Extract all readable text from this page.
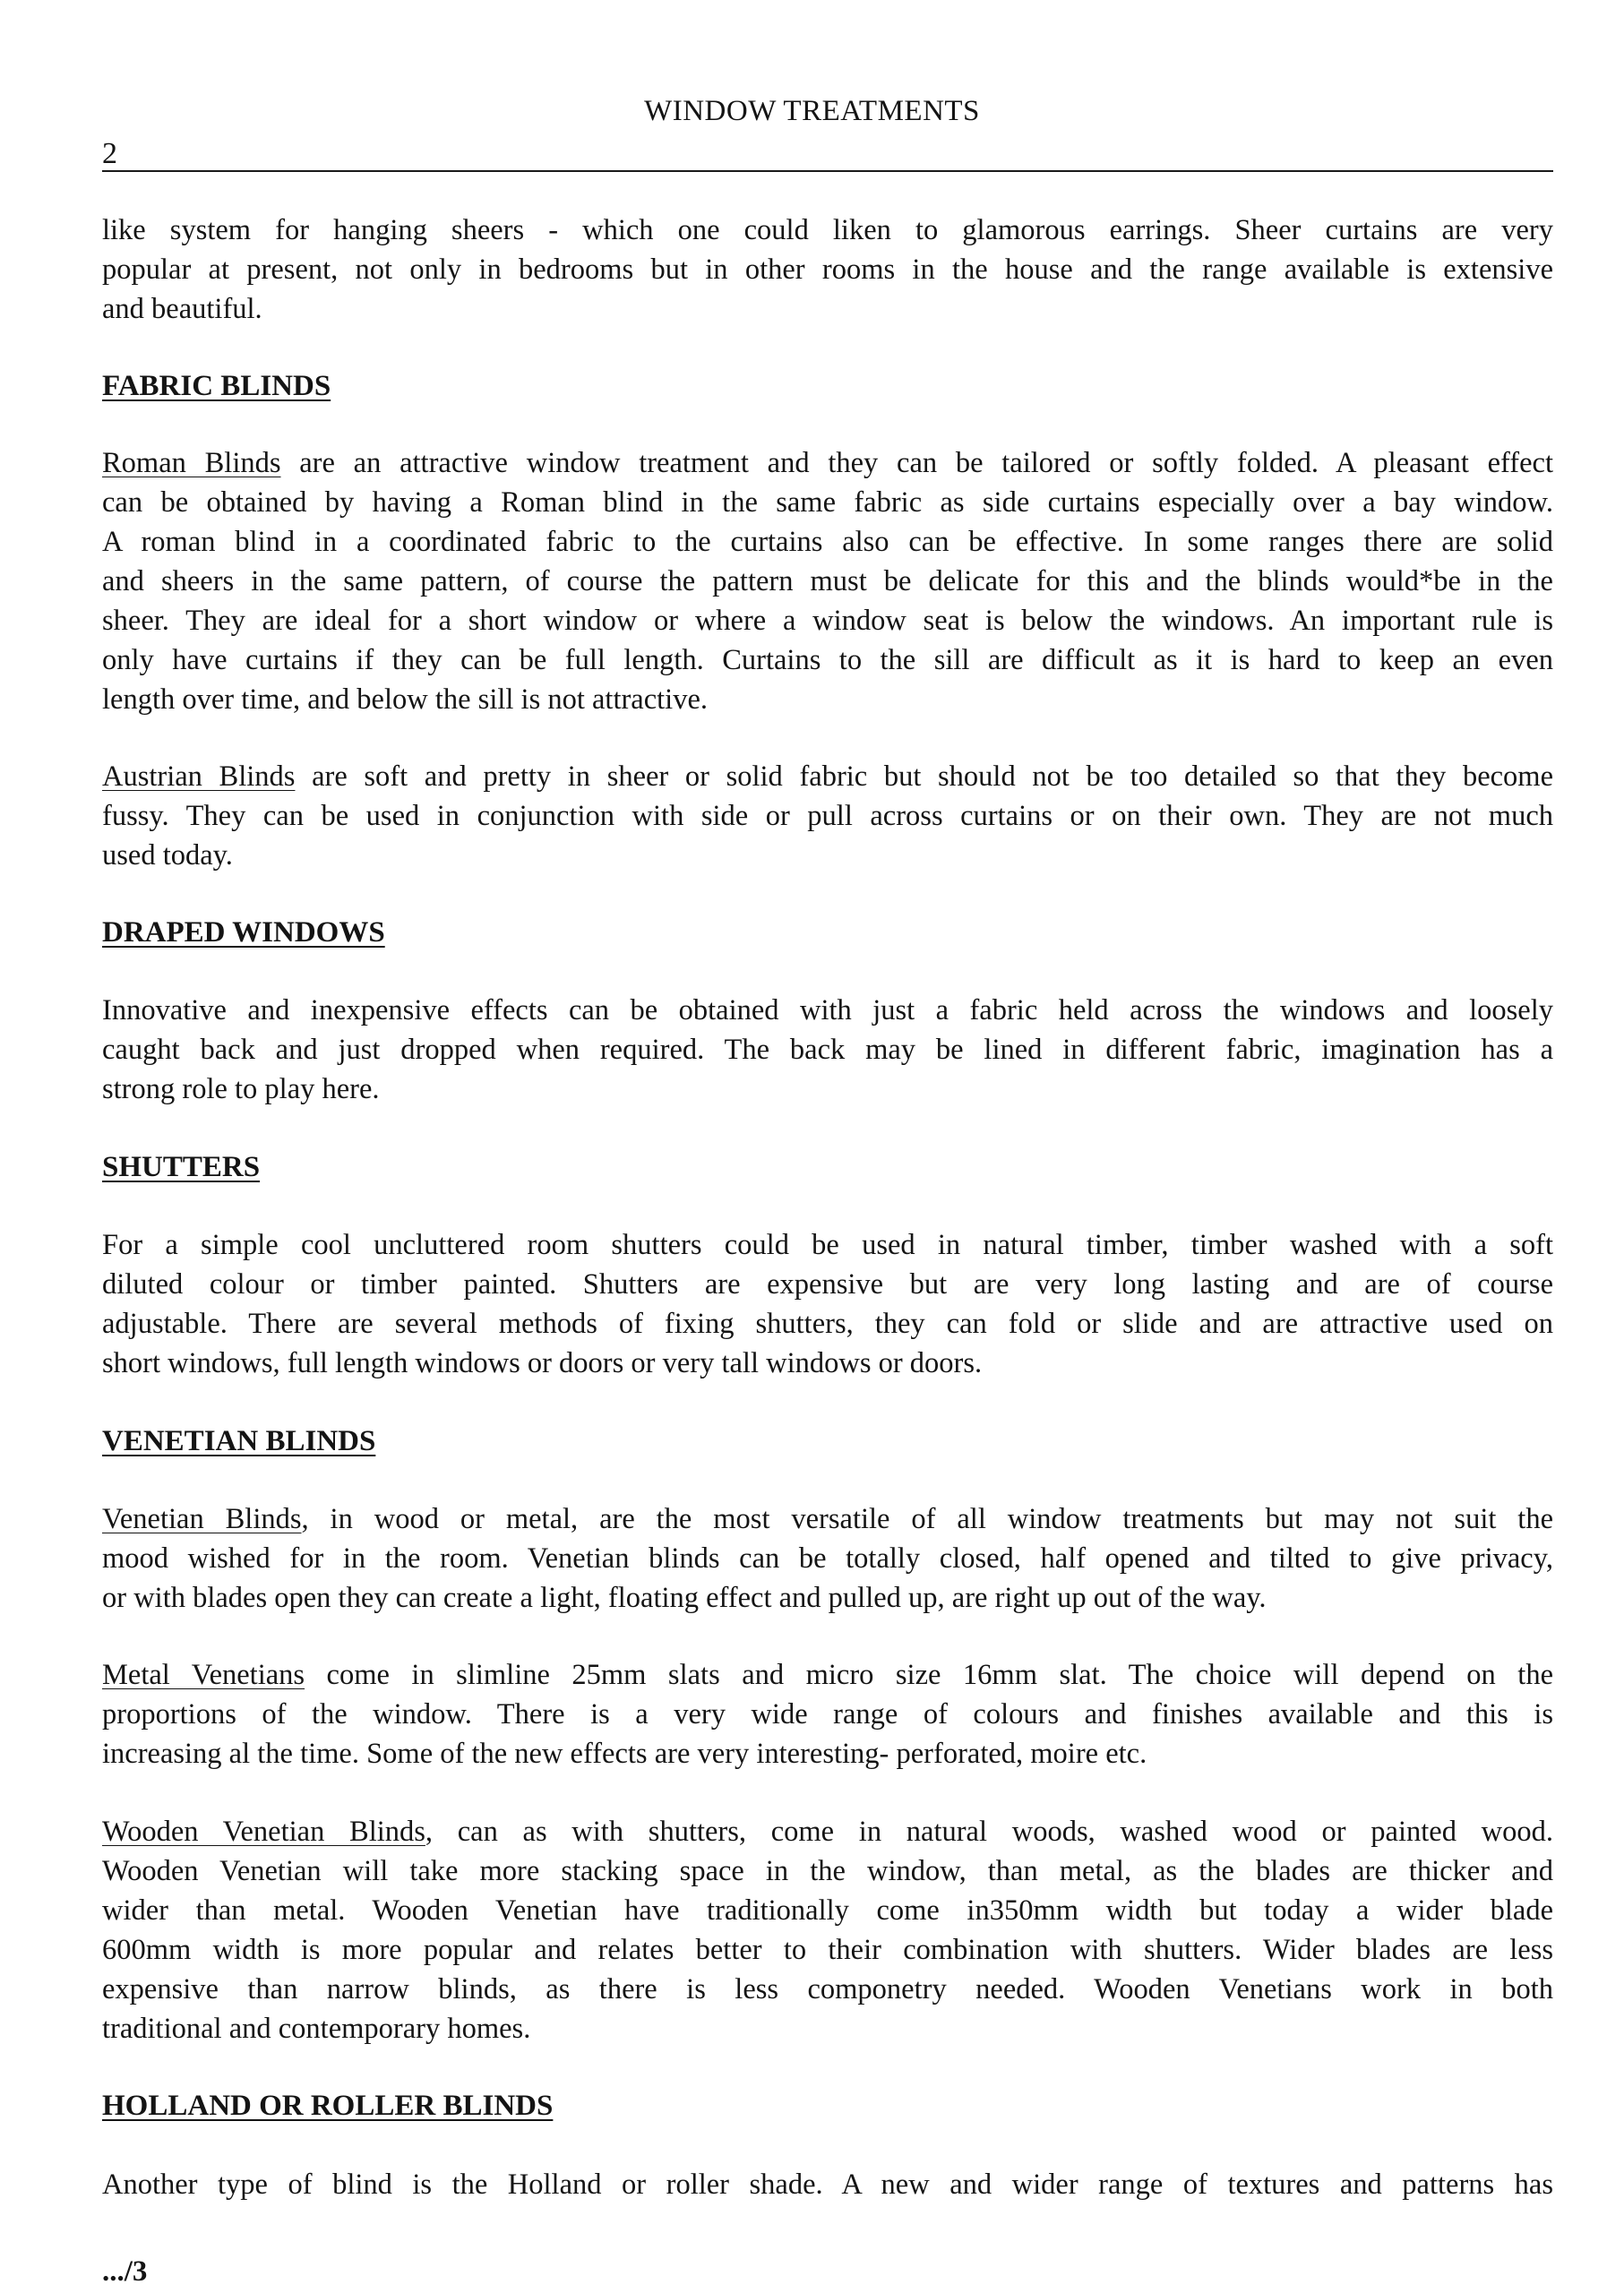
WINDOW TREATMENTS
2

like system for hanging sheers - which one could liken to glamorous earrings. Sheer curtains are very

popular at present, not only in bedrooms but in other rooms in the house and the range available is extensive

and beautiful.

FABRIC BLINDS

Roman Blinds are an attractive window treatment and they can be tailored or softly folded. A pleasant effect

can be obtained by having a Roman blind in the same fabric as side curtains especially over a bay window.

A roman blind in a coordinated fabric to the curtains also can be effective. In some ranges there are solid

and sheers in the same pattern, of course the pattern must be delicate for this and the blinds would*be in the

sheer. They are ideal for a short window or where a window seat is below the windows. An important rule is

only have curtains if they can be full length. Curtains to the sill are difficult as it is hard to keep an even

length over time, and below the sill is not attractive.

Austrian Blinds are soft and pretty in sheer or solid fabric but should not be too detailed so that they become

fussy. They can be used in conjunction with side or pull across curtains or on their own. They are not much

used today.

DRAPED WINDOWS

Innovative and inexpensive effects can be obtained with just a fabric held across the windows and loosely

caught back and just dropped when required. The back may be lined in different fabric, imagination has a

strong role to play here.

SHUTTERS

For a simple cool uncluttered room shutters could be used in natural timber, timber washed with a soft

diluted colour or timber painted. Shutters are expensive but are very long lasting and are of course

adjustable. There are several methods of fixing shutters, they can fold or slide and are attractive used on

short windows, full length windows or doors or very tall windows or doors.

VENETIAN BLINDS

Venetian Blinds, in wood or metal, are the most versatile of all window treatments but may not suit the

mood wished for in the room. Venetian blinds can be totally closed, half opened and tilted to give privacy,

or with blades open they can create a light, floating effect and pulled up, are right up out of the way.

Metal Venetians come in slimline 25mm slats and micro size 16mm slat. The choice will depend on the

proportions of the window. There is a very wide range of colours and finishes available and this is

increasing al the time. Some of the new effects are very interesting- perforated, moire etc.

Wooden Venetian Blinds, can as with shutters, come in natural woods, washed wood or painted wood.

Wooden Venetian will take more stacking space in the window, than metal, as the blades are thicker and

wider than metal. Wooden Venetian have traditionally come in350mm width but today a wider blade

600mm width is more popular and relates better to their combination with shutters. Wider blades are less

expensive than narrow blinds, as there is less componetry needed. Wooden Venetians work in both

traditional and contemporary homes.

HOLLAND OR ROLLER BLINDS

Another type of blind is the Holland or roller shade. A new and wider range of textures and patterns has

.../3
